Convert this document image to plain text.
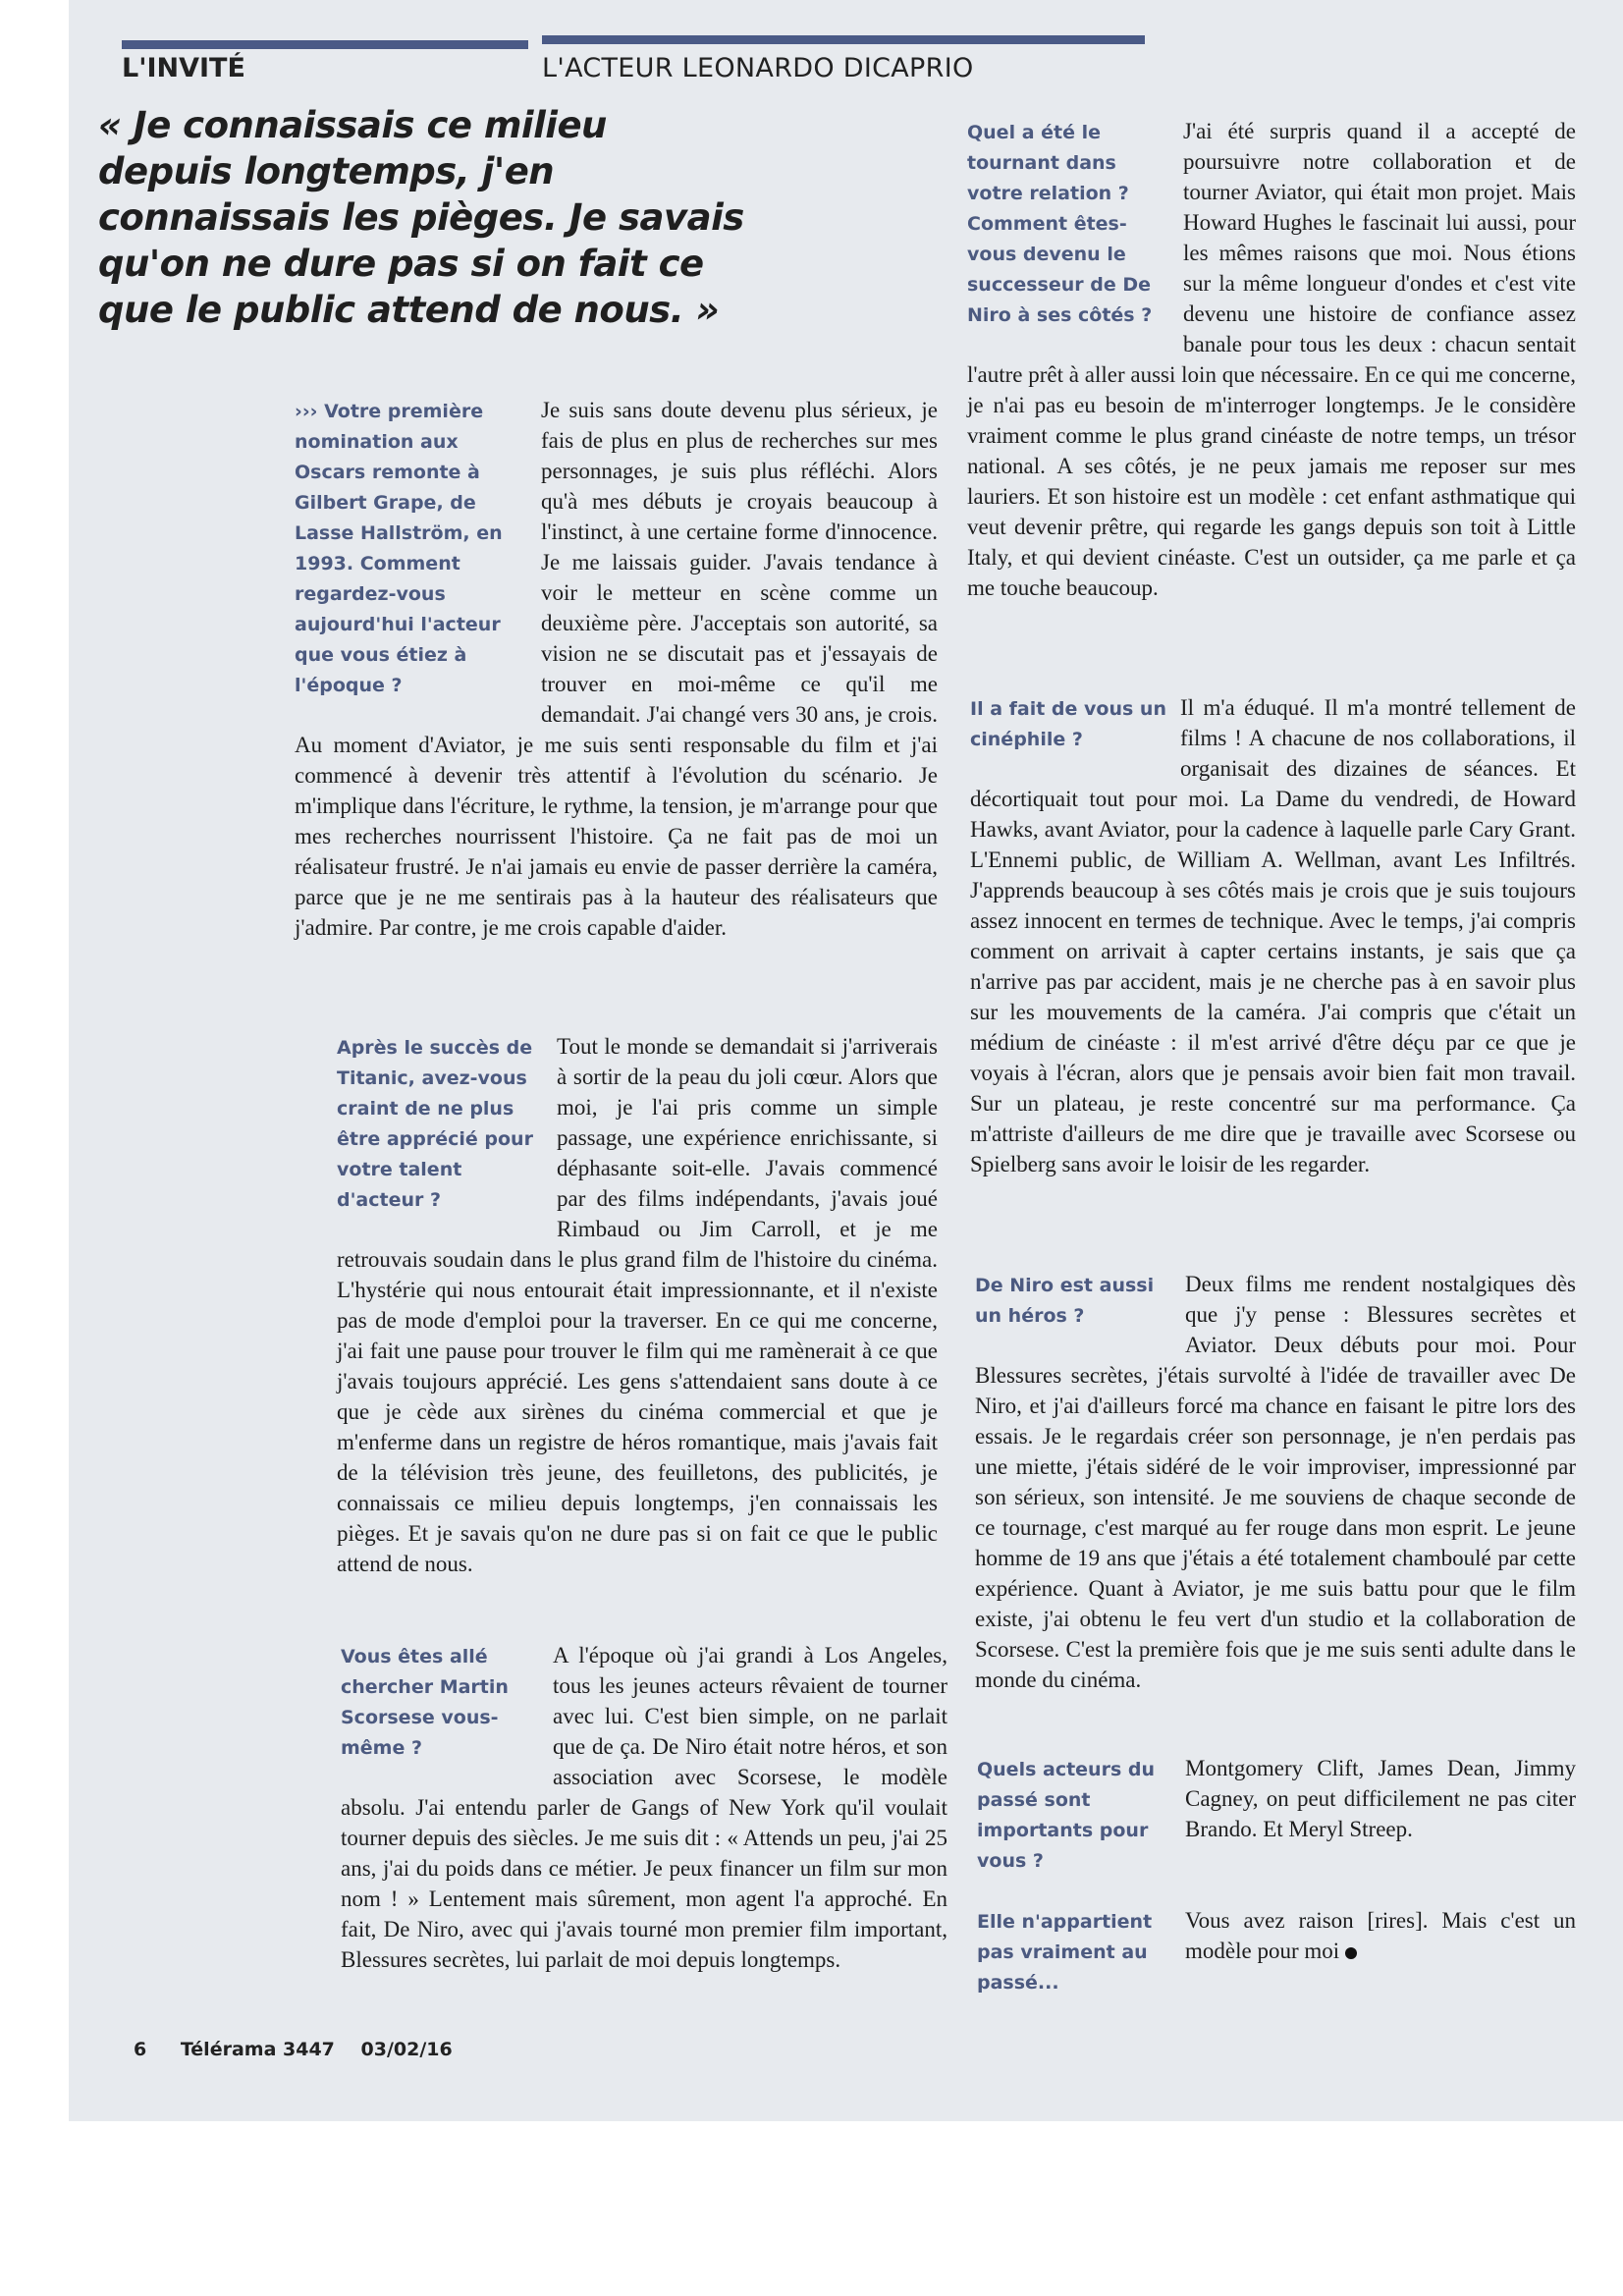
L'INVITÉ	L'ACTEUR LEONARDO DICAPRIO

« Je connaissais ce milieu depuis longtemps, j'en connaissais les pièges. Je savais qu'on ne dure pas si on fait ce que le public attend de nous. »

››› Votre première nomination aux Oscars remonte à Gilbert Grape, de Lasse Hallström, en 1993. Comment regardez-vous aujourd'hui l'acteur que vous étiez à l'époque ?

Je suis sans doute devenu plus sérieux, je fais de plus en plus de recherches sur mes personnages, je suis plus réfléchi. Alors qu'à mes débuts je croyais beaucoup à l'instinct, à une certaine forme d'innocence. Je me laissais guider. J'avais tendance à voir le metteur en scène comme un deuxième père. J'acceptais son autorité, sa vision ne se discutait pas et j'essayais de trouver en moi-même ce qu'il me demandait. J'ai changé vers 30 ans, je crois. Au moment d'Aviator, je me suis senti responsable du film et j'ai commencé à devenir très attentif à l'évolution du scénario. Je m'implique dans l'écriture, le rythme, la tension, je m'arrange pour que mes recherches nourrissent l'histoire. Ça ne fait pas de moi un réalisateur frustré. Je n'ai jamais eu envie de passer derrière la caméra, parce que je ne me sentirais pas à la hauteur des réalisateurs que j'admire. Par contre, je me crois capable d'aider.

Après le succès de Titanic, avez-vous craint de ne plus être apprécié pour votre talent d'acteur ?

Tout le monde se demandait si j'arriverais à sortir de la peau du joli cœur. Alors que moi, je l'ai pris comme un simple passage, une expérience enrichissante, si déphasante soit-elle. J'avais commencé par des films indépendants, j'avais joué Rimbaud ou Jim Carroll, et je me retrouvais soudain dans le plus grand film de l'histoire du cinéma. L'hystérie qui nous entourait était impressionnante, et il n'existe pas de mode d'emploi pour la traverser. En ce qui me concerne, j'ai fait une pause pour trouver le film qui me ramènerait à ce que j'avais toujours apprécié. Les gens s'attendaient sans doute à ce que je cède aux sirènes du cinéma commercial et que je m'enferme dans un registre de héros romantique, mais j'avais fait de la télévision très jeune, des feuilletons, des publicités, je connaissais ce milieu depuis longtemps, j'en connaissais les pièges. Et je savais qu'on ne dure pas si on fait ce que le public attend de nous.

Vous êtes allé chercher Martin Scorsese vous-même ?

A l'époque où j'ai grandi à Los Angeles, tous les jeunes acteurs rêvaient de tourner avec lui. C'est bien simple, on ne parlait que de ça. De Niro était notre héros, et son association avec Scorsese, le modèle absolu. J'ai entendu parler de Gangs of New York qu'il voulait tourner depuis des siècles. Je me suis dit : « Attends un peu, j'ai 25 ans, j'ai du poids dans ce métier. Je peux financer un film sur mon nom ! » Lentement mais sûrement, mon agent l'a approché. En fait, De Niro, avec qui j'avais tourné mon premier film important, Blessures secrètes, lui parlait de moi depuis longtemps.

Quel a été le tournant dans votre relation ? Comment êtes-vous devenu le successeur de De Niro à ses côtés ?

J'ai été surpris quand il a accepté de poursuivre notre collaboration et de tourner Aviator, qui était mon projet. Mais Howard Hughes le fascinait lui aussi, pour les mêmes raisons que moi. Nous étions sur la même longueur d'ondes et c'est vite devenu une histoire de confiance assez banale pour tous les deux : chacun sentait l'autre prêt à aller aussi loin que nécessaire. En ce qui me concerne, je n'ai pas eu besoin de m'interroger longtemps. Je le considère vraiment comme le plus grand cinéaste de notre temps, un trésor national. A ses côtés, je ne peux jamais me reposer sur mes lauriers. Et son histoire est un modèle : cet enfant asthmatique qui veut devenir prêtre, qui regarde les gangs depuis son toit à Little Italy, et qui devient cinéaste. C'est un outsider, ça me parle et ça me touche beaucoup.

Il a fait de vous un cinéphile ?

Il m'a éduqué. Il m'a montré tellement de films ! A chacune de nos collaborations, il organisait des dizaines de séances. Et décortiquait tout pour moi. La Dame du vendredi, de Howard Hawks, avant Aviator, pour la cadence à laquelle parle Cary Grant. L'Ennemi public, de William A. Wellman, avant Les Infiltrés. J'apprends beaucoup à ses côtés mais je crois que je suis toujours assez innocent en termes de technique. Avec le temps, j'ai compris comment on arrivait à capter certains instants, je sais que ça n'arrive pas par accident, mais je ne cherche pas à en savoir plus sur les mouvements de la caméra. J'ai compris que c'était un médium de cinéaste : il m'est arrivé d'être déçu par ce que je voyais à l'écran, alors que je pensais avoir bien fait mon travail. Sur un plateau, je reste concentré sur ma performance. Ça m'attriste d'ailleurs de me dire que je travaille avec Scorsese ou Spielberg sans avoir le loisir de les regarder.

De Niro est aussi un héros ?

Deux films me rendent nostalgiques dès que j'y pense : Blessures secrètes et Aviator. Deux débuts pour moi. Pour Blessures secrètes, j'étais survolté à l'idée de travailler avec De Niro, et j'ai d'ailleurs forcé ma chance en faisant le pitre lors des essais. Je le regardais créer son personnage, je n'en perdais pas une miette, j'étais sidéré de le voir improviser, impressionné par son sérieux, son intensité. Je me souviens de chaque seconde de ce tournage, c'est marqué au fer rouge dans mon esprit. Le jeune homme de 19 ans que j'étais a été totalement chamboulé par cette expérience. Quant à Aviator, je me suis battu pour que le film existe, j'ai obtenu le feu vert d'un studio et la collaboration de Scorsese. C'est la première fois que je me suis senti adulte dans le monde du cinéma.

Quels acteurs du passé sont importants pour vous ?

Montgomery Clift, James Dean, Jimmy Cagney, on peut difficilement ne pas citer Brando. Et Meryl Streep.

Elle n'appartient pas vraiment au passé...

Vous avez raison [rires]. Mais c'est un modèle pour moi

6 Télérama 3447 03/02/16
